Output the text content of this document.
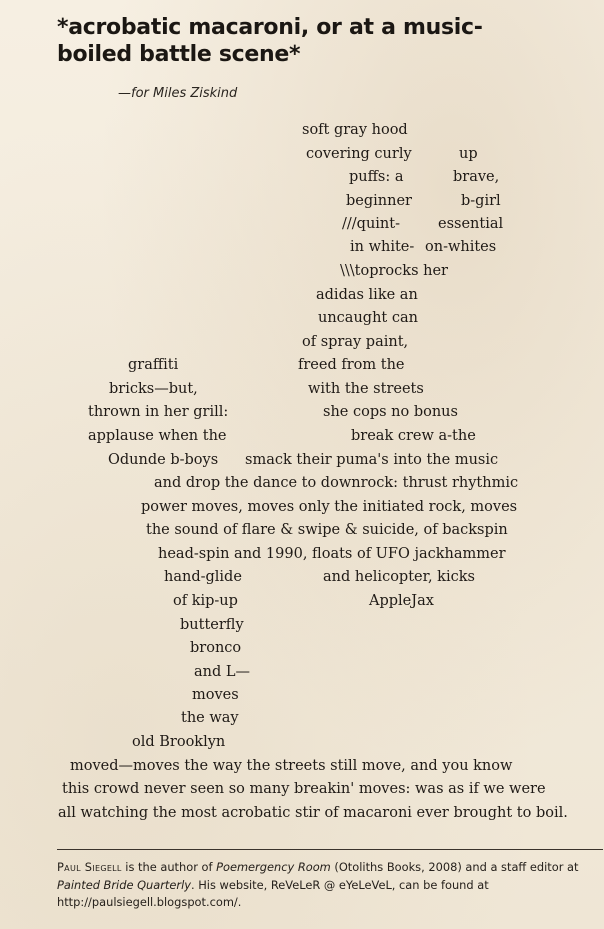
*acrobatic macaroni, or at a music-boiled battle scene*
—for Miles Ziskind
soft gray hood
covering curly	up
puffs: a	brave,
beginner	b-girl
///quint-	essential
in white- on-whites
\\\toprocks her
adidas like an
uncaught can
of spray paint,
graffiti	freed from the
bricks—but,	with the streets
thrown in her grill:	she cops no bonus
applause when the	break crew a-the
Odunde b-boys smack their puma's into the music
and drop the dance to downrock: thrust rhythmic
power moves, moves only the initiated rock, moves
the sound of flare & swipe & suicide, of backspin
head-spin and 1990, floats of UFO jackhammer
hand-glide	and helicopter, kicks
of kip-up	AppleJax
butterfly
bronco
and L—
moves
the way
old Brooklyn
moved—moves the way the streets still move, and you know
this crowd never seen so many breakin' moves: was as if we were
all watching the most acrobatic stir of macaroni ever brought to boil.
Paul Siegell is the author of Poemergency Room (Otoliths Books, 2008) and a staff editor at Painted Bride Quarterly. His website, ReVeLeR @ eYeLeVeL, can be found at http://paulsiegell.blogspot.com/.
